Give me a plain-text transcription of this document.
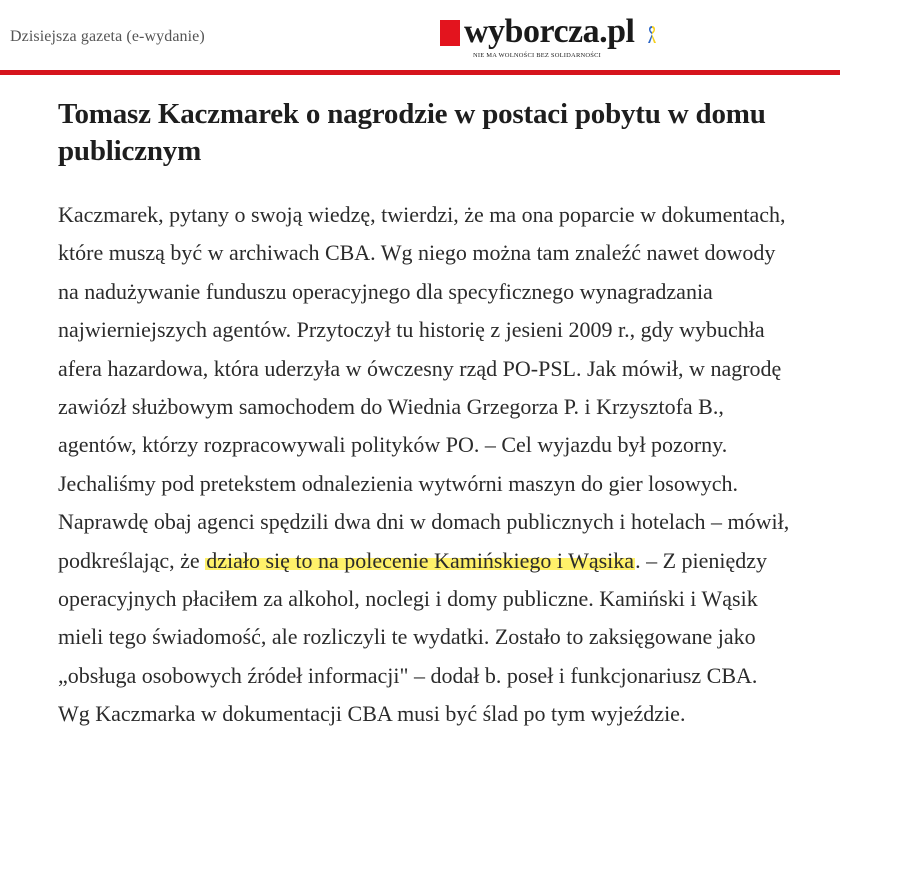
Dzisiejsza gazeta (e-wydanie)	wyborcza.pl
NIE MA WOLNOŚCI BEZ SOLIDARNOŚCI
Tomasz Kaczmarek o nagrodzie w postaci pobytu w domu publicznym

Kaczmarek, pytany o swoją wiedzę, twierdzi, że ma ona poparcie w dokumentach, które muszą być w archiwach CBA. Wg niego można tam znaleźć nawet dowody na nadużywanie funduszu operacyjnego dla specyficznego wynagradzania najwierniejszych agentów. Przytoczył tu historię z jesieni 2009 r., gdy wybuchła afera hazardowa, która uderzyła w ówczesny rząd PO-PSL. Jak mówił, w nagrodę zawiózł służbowym samochodem do Wiednia Grzegorza P. i Krzysztofa B., agentów, którzy rozpracowywali polityków PO. – Cel wyjazdu był pozorny. Jechaliśmy pod pretekstem odnalezienia wytwórni maszyn do gier losowych. Naprawdę obaj agenci spędzili dwa dni w domach publicznych i hotelach – mówił, podkreślając, że działo się to na polecenie Kamińskiego i Wąsika. – Z pieniędzy operacyjnych płaciłem za alkohol, noclegi i domy publiczne. Kamiński i Wąsik mieli tego świadomość, ale rozliczyli te wydatki. Zostało to zaksięgowane jako „obsługa osobowych źródeł informacji" – dodał b. poseł i funkcjonariusz CBA. Wg Kaczmarka w dokumentacji CBA musi być ślad po tym wyjeździe.
